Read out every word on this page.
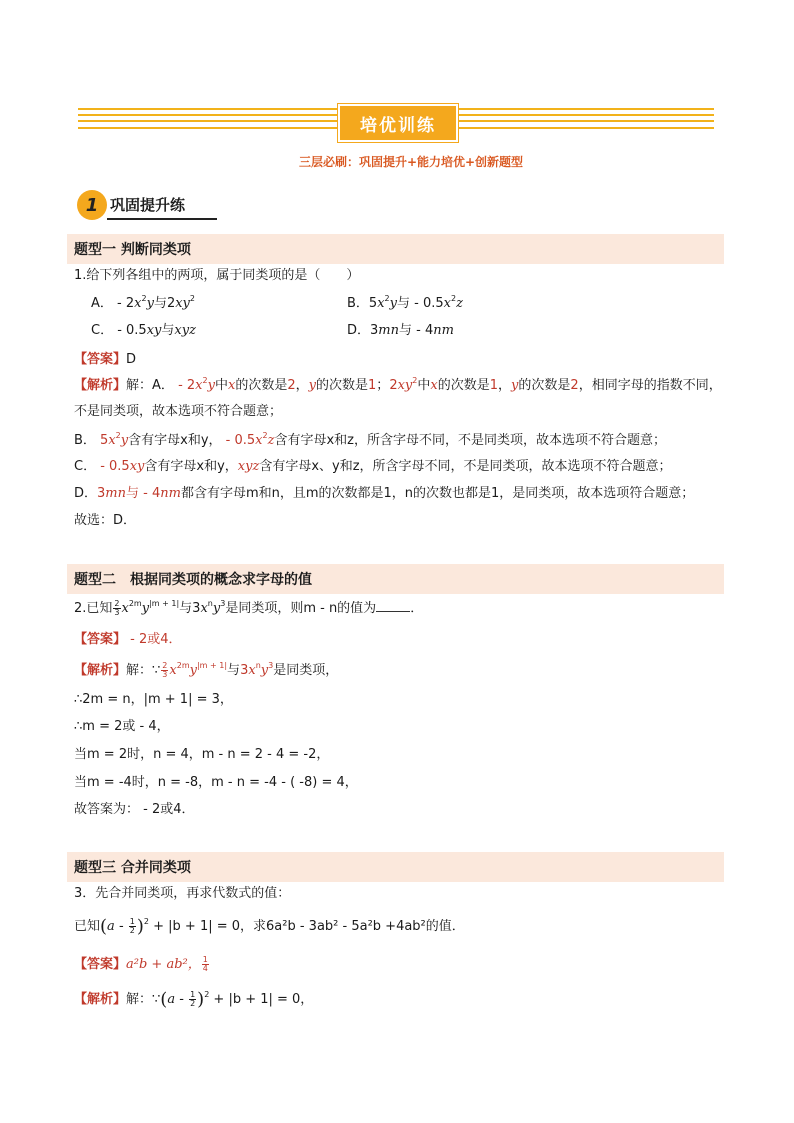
培优训练
三层必刷：巩固提升+能力培优+创新题型
1 巩固提升练
题型一 判断同类项
1.给下列各组中的两项，属于同类项的是（　　）
A． - $2x^2y$与$2xy^2$	B．$5x^2y$与 - $0.5x^2z$
C． - 0.5xy与xyz	D．3mn与 - 4nm
【答案】D
【解析】解：A． - $2x^2y$中x的次数是2，y的次数是1；$2xy^2$中x的次数是1，y的次数是2，相同字母的指数不同，
不是同类项，故本选项不符合题意；
B． $5x^2y$含有字母x和y， - $0.5x^2z$含有字母x和z，所含字母不同，不是同类项，故本选项不符合题意；
C． - 0.5xy含有字母x和y，xyz含有字母x、y和z，所含字母不同，不是同类项，故本选项不符合题意；
D．3mn与 - 4nm都含有字母m和n，且m的次数都是1，n的次数也都是1，是同类项，故本选项符合题意；
故选：D．
题型二　根据同类项的概念求字母的值
2.已知 $\frac{2}{3} x^{2m}y^{|m + 1|}$与$3x^ny^3$是同类项，则m - n的值为	．
【答案】 - 2或4．
【解析】解：∵ $\frac{2}{3} x^{2m}y^{|m + 1|}$与$3x^ny^3$是同类项，
∴2m = n，|m + 1| = 3，
∴m = 2或 - 4，
当m = 2时，n = 4，m - n = 2 - 4 = -2，
当m = -4时，n = -8，m - n = -4 - ( -8) = 4，
故答案为： - 2或4．
题型三 合并同类项
3．先合并同类项，再求代数式的值：
已知$(a - \frac{1}{2} )^2 + |b + 1| = 0$，求6a²b - 3ab² - 5a²b +4ab²的值．
【答案】a²b + ab²， $\frac{1}{4}$
【解析】解：∵(a - $\frac{1}{2} )^2 + |b + 1| = 0$，
